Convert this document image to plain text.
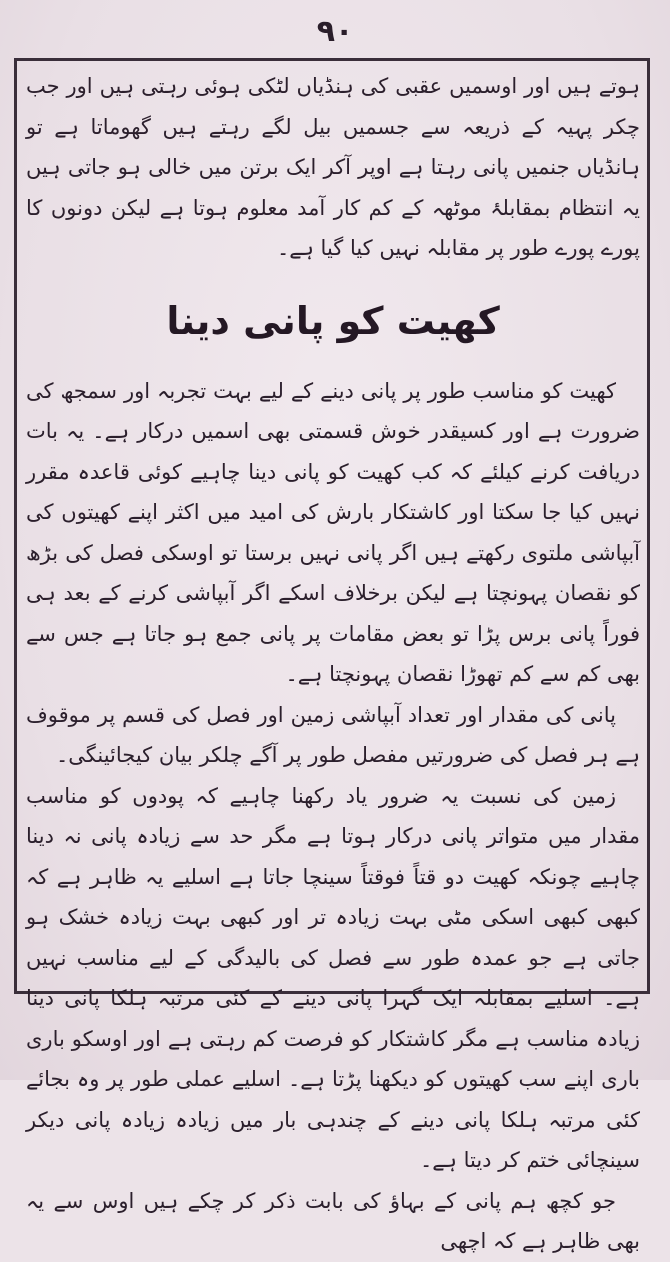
۹۰

ہوتے ہیں اور اوسمیں عقبی کی ہنڈیاں لٹکی ہوئی رہتی ہیں اور جب چکر پہیہ کے ذریعہ سے جسمیں بیل لگے رہتے ہیں گھوماتا ہے تو ہانڈیاں جنمیں پانی رہتا ہے اوپر آکر ایک برتن میں خالی ہو جاتی ہیں یہ انتظام بمقابلۂ موٹھہ کے کم کار آمد معلوم ہوتا ہے لیکن دونوں کا پورے پورے طور پر مقابلہ نہیں کیا گیا ہے۔

کھیت کو پانی دینا

کھیت کو مناسب طور پر پانی دینے کے لیے بہت تجربہ اور سمجھ کی ضرورت ہے اور کسیقدر خوش قسمتی بھی اسمیں درکار ہے۔ یہ بات دریافت کرنے کیلئے کہ کب کھیت کو پانی دینا چاہیے کوئی قاعدہ مقرر نہیں کیا جا سکتا اور کاشتکار بارش کی امید میں اکثر اپنے کھیتوں کی آبپاشی ملتوی رکھتے ہیں اگر پانی نہیں برستا تو اوسکی فصل کی بڑھ کو نقصان پہونچتا ہے لیکن برخلاف اسکے اگر آبپاشی کرنے کے بعد ہی فوراً پانی برس پڑا تو بعض مقامات پر پانی جمع ہو جاتا ہے جس سے بھی کم سے کم تھوڑا نقصان پہونچتا ہے۔

پانی کی مقدار اور تعداد آبپاشی زمین اور فصل کی قسم پر موقوف ہے ہر فصل کی ضرورتیں مفصل طور پر آگے چلکر بیان کیجائینگی۔

زمین کی نسبت یہ ضرور یاد رکھنا چاہیے کہ پودوں کو مناسب مقدار میں متواتر پانی درکار ہوتا ہے مگر حد سے زیادہ پانی نہ دینا چاہیے چونکہ کھیت دو قتاً فوقتاً سینچا جاتا ہے اسلیے یہ ظاہر ہے کہ کبھی کبھی اسکی مٹی بہت زیادہ تر اور کبھی بہت زیادہ خشک ہو جاتی ہے جو عمدہ طور سے فصل کی بالیدگی کے لیے مناسب نہیں ہے۔ اسلیے بمقابلہ ایک گہرا پانی دینے کے کئی مرتبہ ہلکا پانی دینا زیادہ مناسب ہے مگر کاشتکار کو فرصت کم رہتی ہے اور اوسکو باری باری اپنے سب کھیتوں کو دیکھنا پڑتا ہے۔ اسلیے عملی طور پر وہ بجائے کئی مرتبہ ہلکا پانی دینے کے چندہی بار میں زیادہ زیادہ پانی دیکر سینچائی ختم کر دیتا ہے۔

جو کچھ ہم پانی کے بہاؤ کی بابت ذکر کر چکے ہیں اوس سے یہ بھی ظاہر ہے کہ اچھی
